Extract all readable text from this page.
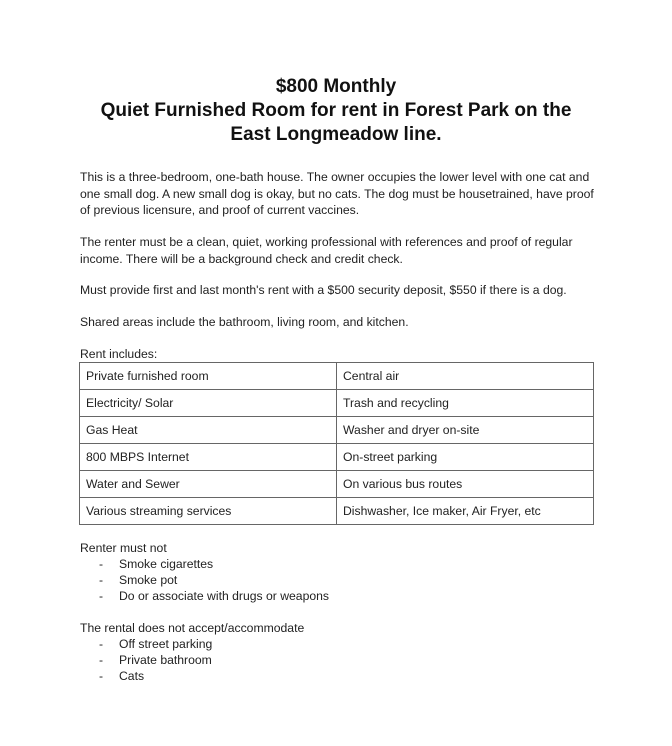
$800 Monthly
Quiet Furnished Room for rent in Forest Park on the
East Longmeadow line.

This is a three-bedroom, one-bath house. The owner occupies the lower level with one cat and one small dog. A new small dog is okay, but no cats. The dog must be housetrained, have proof of previous licensure, and proof of current vaccines.

The renter must be a clean, quiet, working professional with references and proof of regular income. There will be a background check and credit check.

Must provide first and last month's rent with a $500 security deposit, $550 if there is a dog.

Shared areas include the bathroom, living room, and kitchen.

Rent includes:

Private furnished room	Central air
Electricity/ Solar	Trash and recycling
Gas Heat	Washer and dryer on-site
800 MBPS Internet	On-street parking
Water and Sewer	On various bus routes
Various streaming services	Dishwasher, Ice maker, Air Fryer, etc
Renter must not
- Smoke cigarettes
- Smoke pot
- Do or associate with drugs or weapons
The rental does not accept/accommodate
- Off street parking
- Private bathroom
- Cats
